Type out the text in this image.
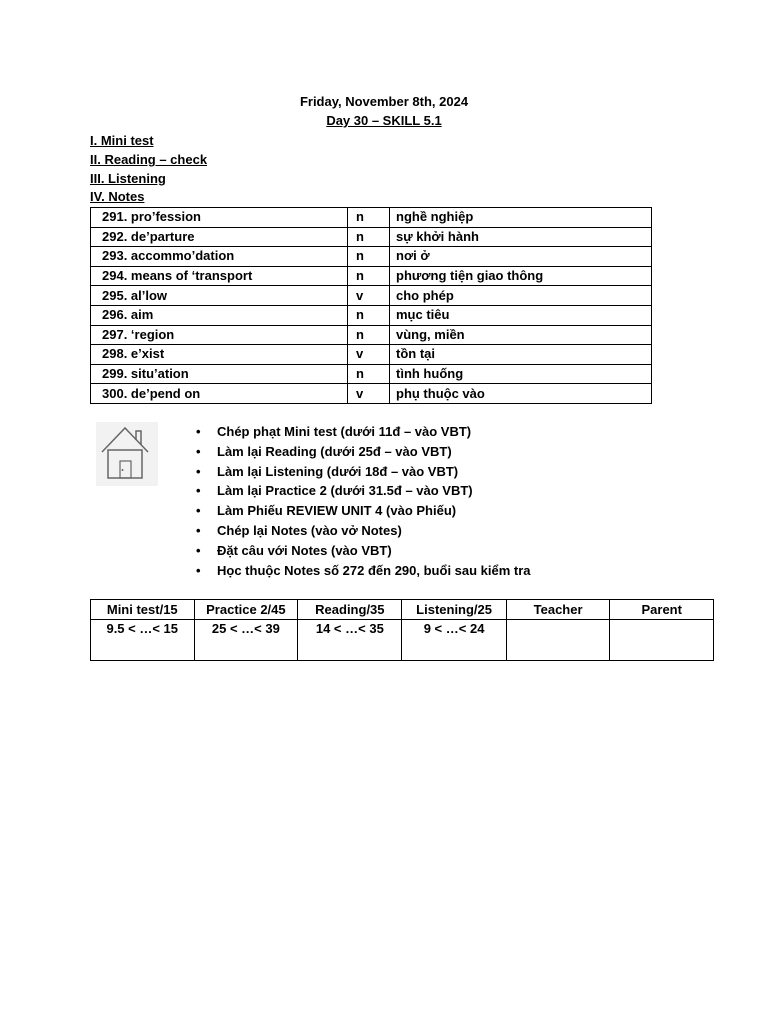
Friday, November 8th, 2024
Day 30 – SKILL 5.1
I. Mini test
II. Reading – check
III. Listening
IV. Notes
291. pro’fession	n	nghề nghiệp
292. de’parture	n	sự khởi hành
293. accommo’dation	n	nơi ở
294. means of ‘transport	n	phương tiện giao thông
295. al’low	v	cho phép
296. aim	n	mục tiêu
297. ‘region	n	vùng, miền
298. e’xist	v	tồn tại
299. situ’ation	n	tình huống
300. de’pend on	v	phụ thuộc vào
• Chép phạt Mini test (dưới 11đ – vào VBT)
• Làm lại Reading (dưới 25đ – vào VBT)
• Làm lại Listening (dưới 18đ – vào VBT)
• Làm lại Practice 2 (dưới 31.5đ – vào VBT)
• Làm Phiếu REVIEW UNIT 4 (vào Phiếu)
• Chép lại Notes (vào vở Notes)
• Đặt câu với Notes (vào VBT)
• Học thuộc Notes số 272 đến 290, buổi sau kiểm tra
Mini test/15	Practice 2/45	Reading/35	Listening/25	Teacher	Parent
9.5 < …< 15	25 < …< 39	14 < …< 35	9 < …< 24		
